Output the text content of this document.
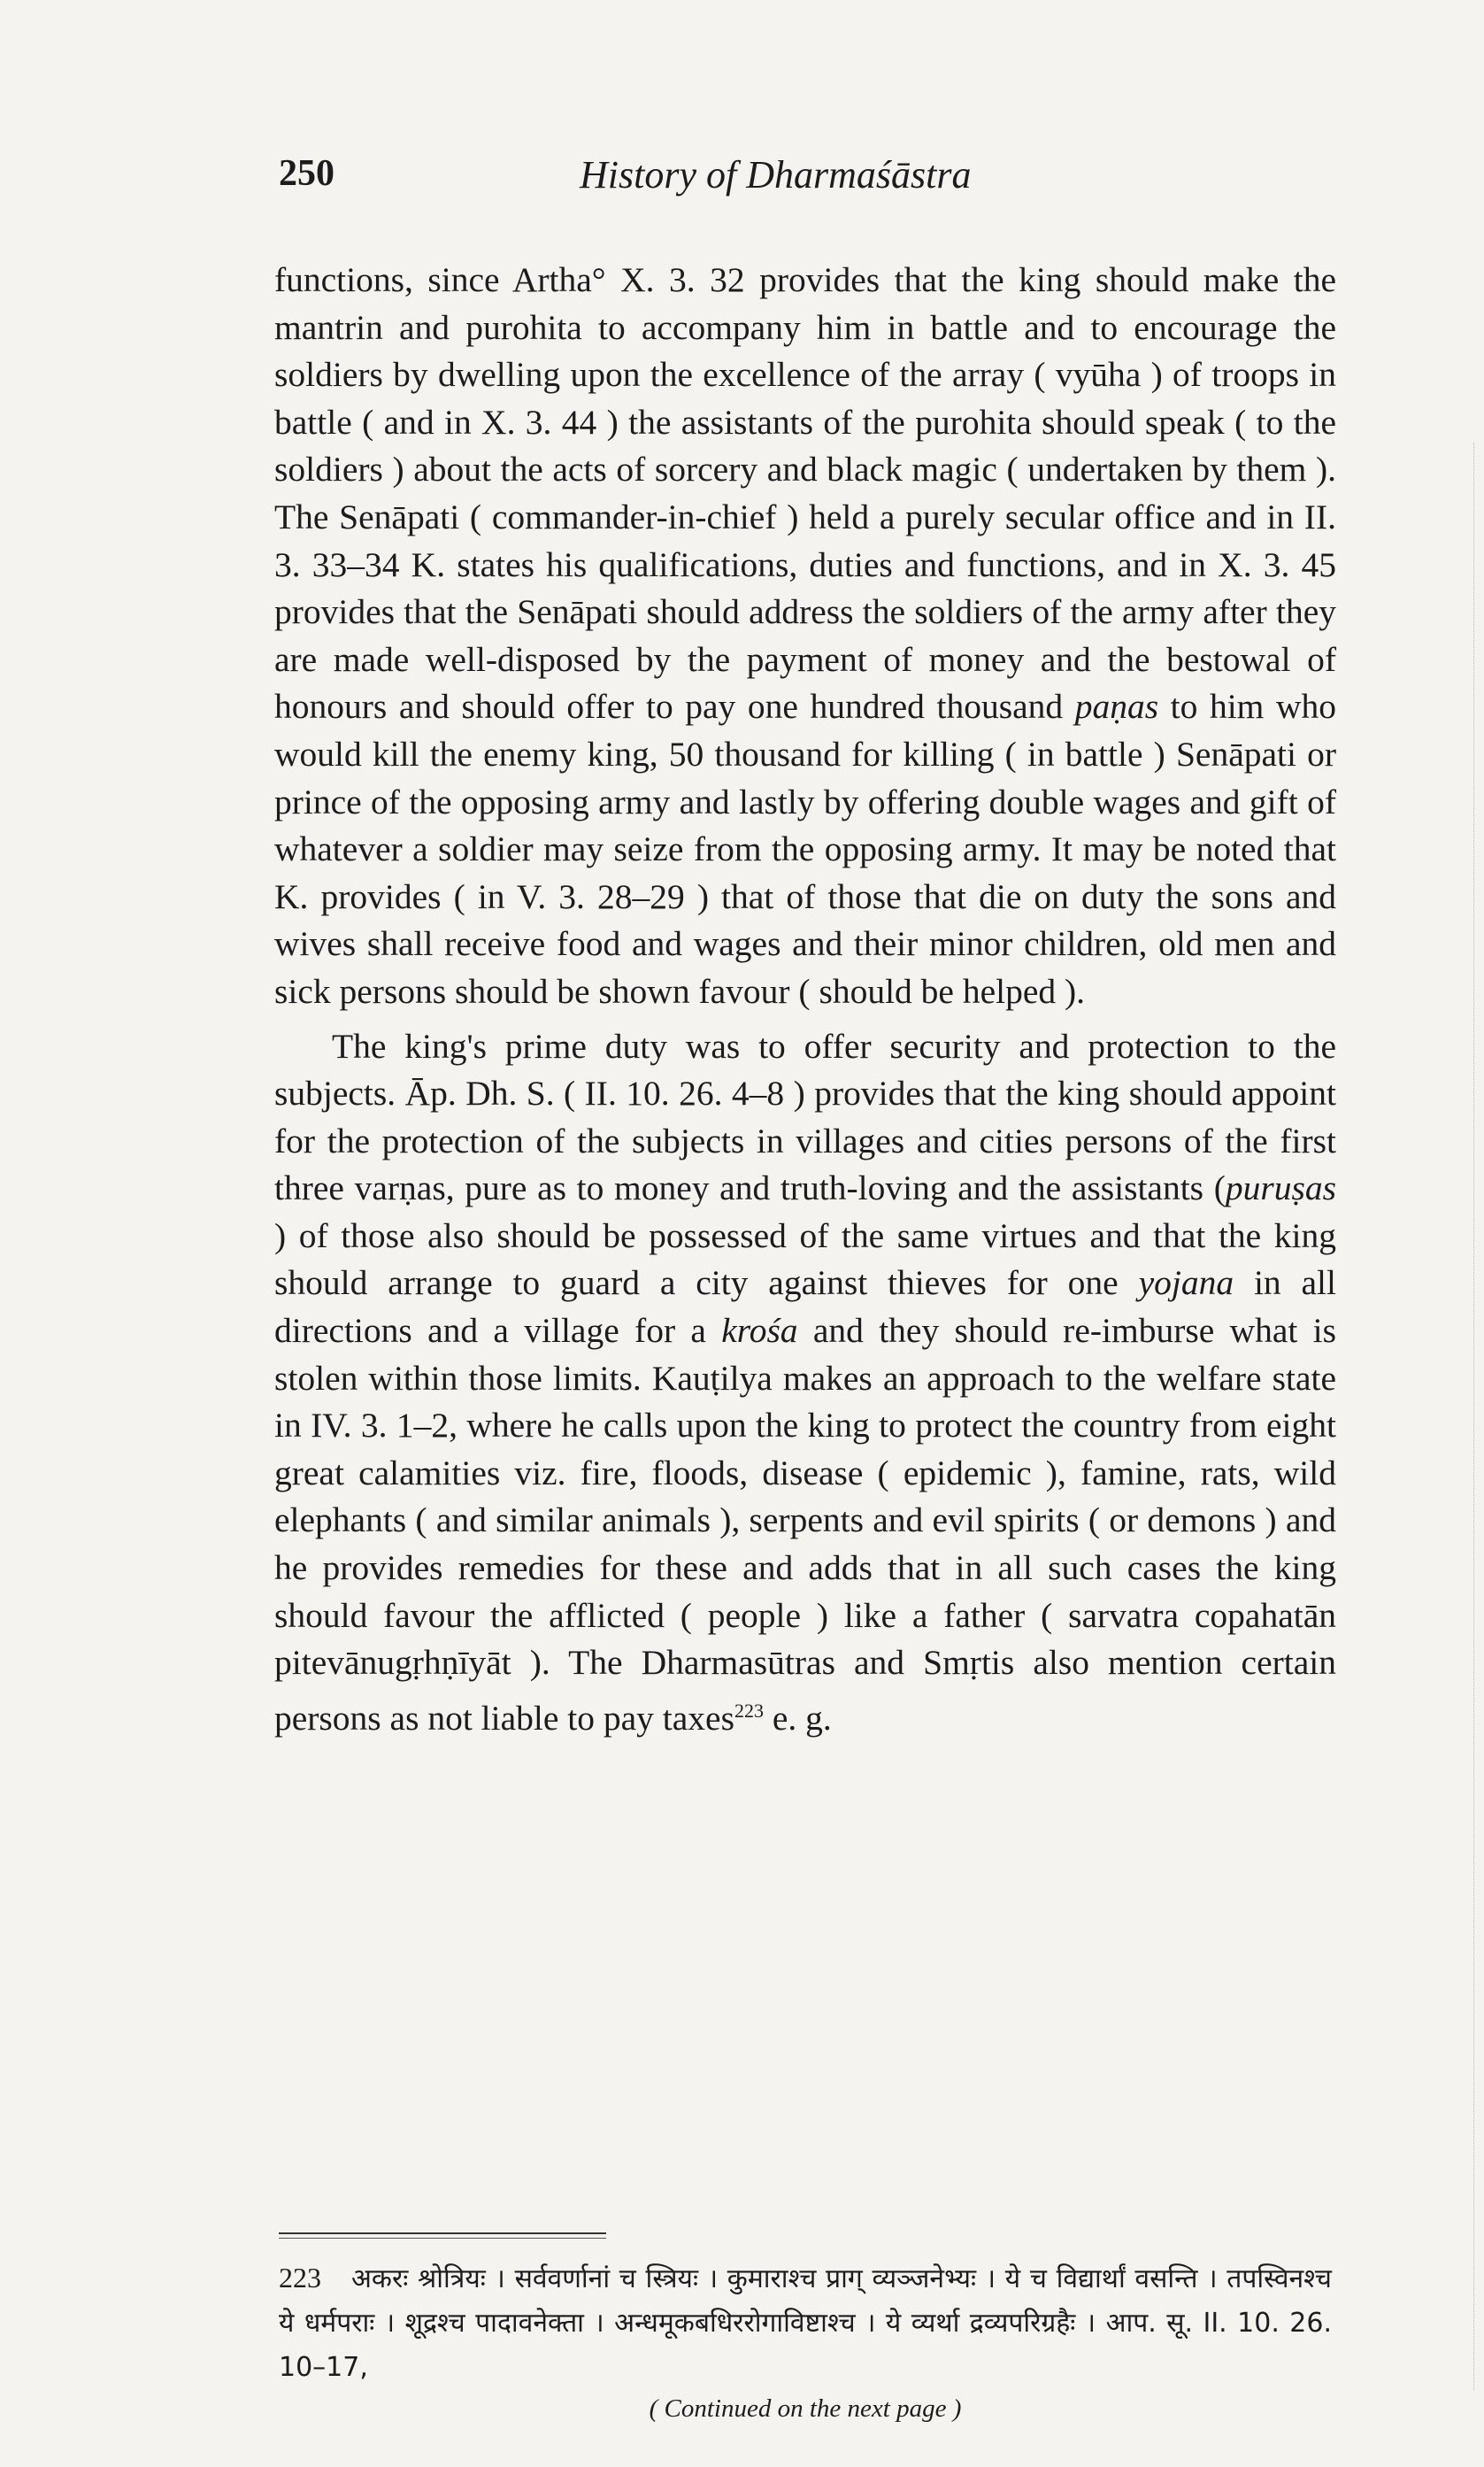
250	History of Dharmaśāstra

functions, since Artha° X. 3. 32 provides that the king should make the mantrin and purohita to accompany him in battle and to encourage the soldiers by dwelling upon the excellence of the array ( vyūha ) of troops in battle ( and in X. 3. 44 ) the assistants of the purohita should speak ( to the soldiers ) about the acts of sorcery and black magic ( undertaken by them ). The Senāpati ( commander-in-chief ) held a purely secular office and in II. 3. 33–34 K. states his qualifications, duties and functions, and in X. 3. 45 provides that the Senāpati should address the soldiers of the army after they are made well-disposed by the payment of money and the bestowal of honours and should offer to pay one hundred thousand paṇas to him who would kill the enemy king, 50 thousand for killing ( in battle ) Senāpati or prince of the opposing army and lastly by offering double wages and gift of whatever a soldier may seize from the opposing army. It may be noted that K. provides ( in V. 3. 28–29 ) that of those that die on duty the sons and wives shall receive food and wages and their minor children, old men and sick persons should be shown favour ( should be helped ).

The king's prime duty was to offer security and protection to the subjects. Āp. Dh. S. ( II. 10. 26. 4–8 ) provides that the king should appoint for the protection of the subjects in villages and cities persons of the first three varṇas, pure as to money and truth-loving and the assistants (puruṣas ) of those also should be possessed of the same virtues and that the king should arrange to guard a city against thieves for one yojana in all directions and a village for a krośa and they should re-imburse what is stolen within those limits. Kauṭilya makes an approach to the welfare state in IV. 3. 1–2, where he calls upon the king to protect the country from eight great calamities viz. fire, floods, disease ( epidemic ), famine, rats, wild elephants ( and similar animals ), serpents and evil spirits ( or demons ) and he provides remedies for these and adds that in all such cases the king should favour the afflicted ( people ) like a father ( sarvatra copahatān pitevānugṛhṇīyāt ). The Dharmasūtras and Smṛtis also mention certain persons as not liable to pay taxes$^{223}$ e. g.

223 अकरः श्रोत्रियः । सर्ववर्णानां च स्त्रियः । कुमाराश्च प्राग् व्यञ्जनेभ्यः । ये च विद्यार्थां वसन्ति । तपस्विनश्च ये धर्मपराः । शूद्रश्च पादावनेक्ता । अन्धमूकबधिररोगाविष्टाश्च । ये व्यर्था द्रव्यपरिग्रहैः । आप. सू. II. 10. 26. 10–17,
( Continued on the next page )
